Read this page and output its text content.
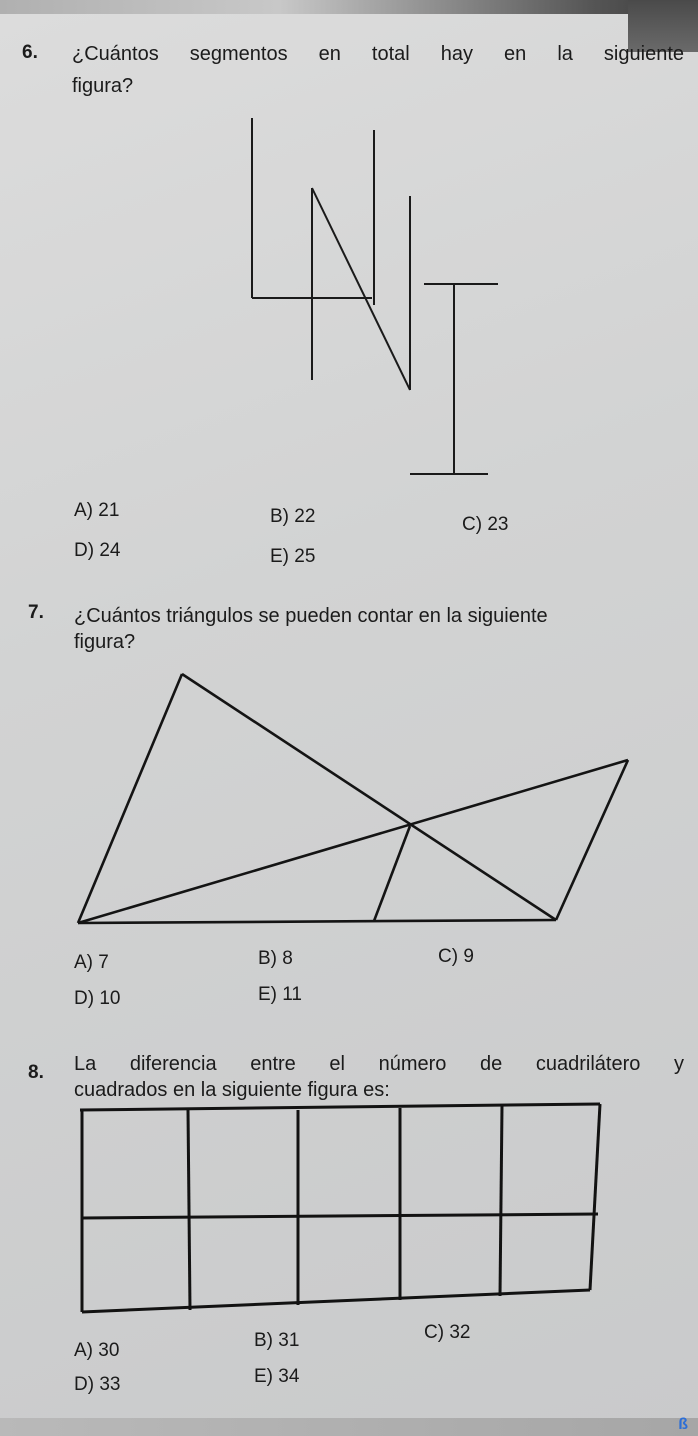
6. ¿Cuántos segmentos en total hay en la siguiente
figura?
A) 21	B) 22	C) 23
D) 24	E) 25
7. ¿Cuántos triángulos se pueden contar en la siguiente
figura?
A) 7	B) 8	C) 9
D) 10	E) 11
8. La diferencia entre el número de cuadrilátero y
cuadrados en la siguiente figura es:
A) 30	B) 31	C) 32
D) 33	E) 34
ß
